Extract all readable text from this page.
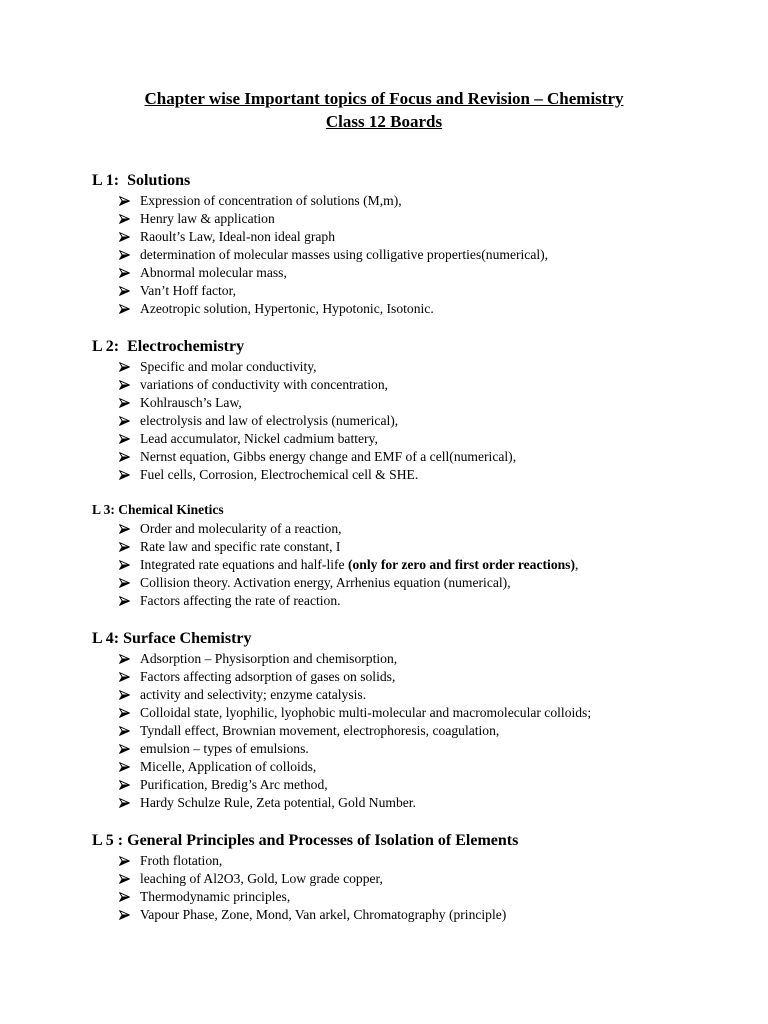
Chapter wise Important topics of Focus and Revision – Chemistry
Class 12 Boards
L 1:  Solutions
Expression of concentration of solutions (M,m),
Henry law & application
Raoult’s Law, Ideal-non ideal graph
determination of molecular masses using colligative properties(numerical),
Abnormal molecular mass,
Van’t Hoff factor,
Azeotropic solution, Hypertonic, Hypotonic, Isotonic.
L 2:  Electrochemistry
Specific and molar conductivity,
variations of conductivity with concentration,
Kohlrausch’s Law,
electrolysis and law of electrolysis (numerical),
Lead accumulator, Nickel cadmium battery,
Nernst equation, Gibbs energy change and EMF of a cell(numerical),
Fuel cells, Corrosion, Electrochemical cell & SHE.
L 3: Chemical Kinetics
Order and molecularity of a reaction,
Rate law and specific rate constant, I
Integrated rate equations and half-life (only for zero and first order reactions),
Collision theory. Activation energy, Arrhenius equation (numerical),
Factors affecting the rate of reaction.
L 4: Surface Chemistry
Adsorption – Physisorption and chemisorption,
Factors affecting adsorption of gases on solids,
activity and selectivity; enzyme catalysis.
Colloidal state, lyophilic, lyophobic multi-molecular and macromolecular colloids;
Tyndall effect, Brownian movement, electrophoresis, coagulation,
emulsion – types of emulsions.
Micelle, Application of colloids,
Purification, Bredig’s Arc method,
Hardy Schulze Rule, Zeta potential, Gold Number.
L 5 : General Principles and Processes of Isolation of Elements
Froth flotation,
leaching of Al2O3, Gold, Low grade copper,
Thermodynamic principles,
Vapour Phase, Zone, Mond, Van arkel, Chromatography (principle)
